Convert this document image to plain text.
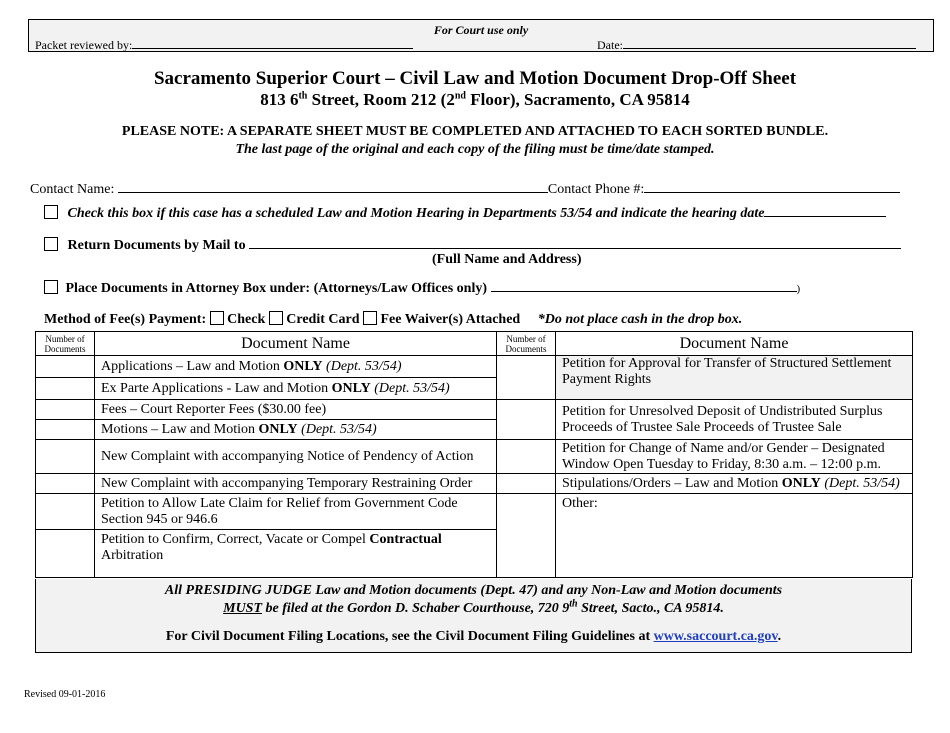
For Court use only
Packet reviewed by:	Date:
Sacramento Superior Court – Civil Law and Motion Document Drop-Off Sheet
813 6th Street, Room 212 (2nd Floor), Sacramento, CA 95814
PLEASE NOTE: A SEPARATE SHEET MUST BE COMPLETED AND ATTACHED TO EACH SORTED BUNDLE.
The last page of the original and each copy of the filing must be time/date stamped.
Contact Name:	Contact Phone #:
Check this box if this case has a scheduled Law and Motion Hearing in Departments 53/54 and indicate the hearing date
Return Documents by Mail to
(Full Name and Address)
Place Documents in Attorney Box under: (Attorneys/Law Offices only)	)
Method of Fee(s) Payment: Check Credit Card Fee Waiver(s) Attached *Do not place cash in the drop box.
Number of Documents	Document Name	Number of Documents	Document Name
	Applications – Law and Motion ONLY (Dept. 53/54)		Petition for Approval for Transfer of Structured Settlement Payment Rights
	Ex Parte Applications - Law and Motion ONLY (Dept. 53/54)		
	Fees – Court Reporter Fees ($30.00 fee)		Petition for Unresolved Deposit of Undistributed Surplus Proceeds of Trustee Sale Proceeds of Trustee Sale
	Motions – Law and Motion ONLY (Dept. 53/54)		
	New Complaint with accompanying Notice of Pendency of Action		Petition for Change of Name and/or Gender – Designated Window Open Tuesday to Friday, 8:30 a.m. – 12:00 p.m.
	New Complaint with accompanying Temporary Restraining Order		Stipulations/Orders – Law and Motion ONLY (Dept. 53/54)
	Petition to Allow Late Claim for Relief from Government Code Section 945 or 946.6		Other:
	Petition to Confirm, Correct, Vacate or Compel Contractual Arbitration		
All PRESIDING JUDGE Law and Motion documents (Dept. 47) and any Non-Law and Motion documents
MUST be filed at the Gordon D. Schaber Courthouse, 720 9th Street, Sacto., CA 95814.
For Civil Document Filing Locations, see the Civil Document Filing Guidelines at www.saccourt.ca.gov.
Revised 09-01-2016
